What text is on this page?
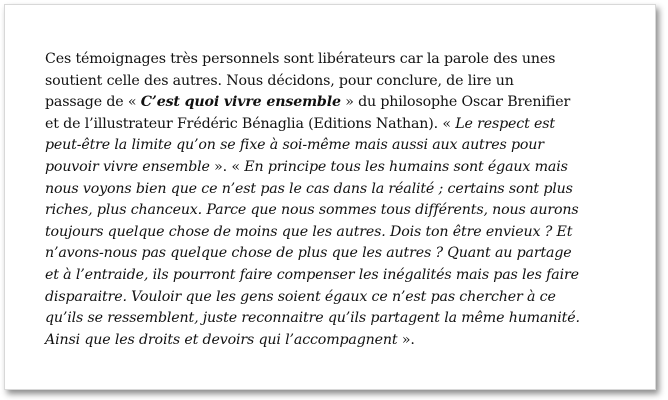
Ces témoignages très personnels sont libérateurs car la parole des unes
soutient celle des autres. Nous décidons, pour conclure, de lire un
passage de « C’est quoi vivre ensemble » du philosophe Oscar Brenifier
et de l’illustrateur Frédéric Bénaglia (Editions Nathan). « Le respect est
peut-être la limite qu’on se fixe à soi-même mais aussi aux autres pour
pouvoir vivre ensemble ». « En principe tous les humains sont égaux mais
nous voyons bien que ce n’est pas le cas dans la réalité ; certains sont plus
riches, plus chanceux. Parce que nous sommes tous différents, nous aurons
toujours quelque chose de moins que les autres. Dois ton être envieux ? Et
n’avons-nous pas quelque chose de plus que les autres ? Quant au partage
et à l’entraide, ils pourront faire compenser les inégalités mais pas les faire
disparaitre. Vouloir que les gens soient égaux ce n’est pas chercher à ce
qu’ils se ressemblent, juste reconnaitre qu’ils partagent la même humanité.
Ainsi que les droits et devoirs qui l’accompagnent ».
